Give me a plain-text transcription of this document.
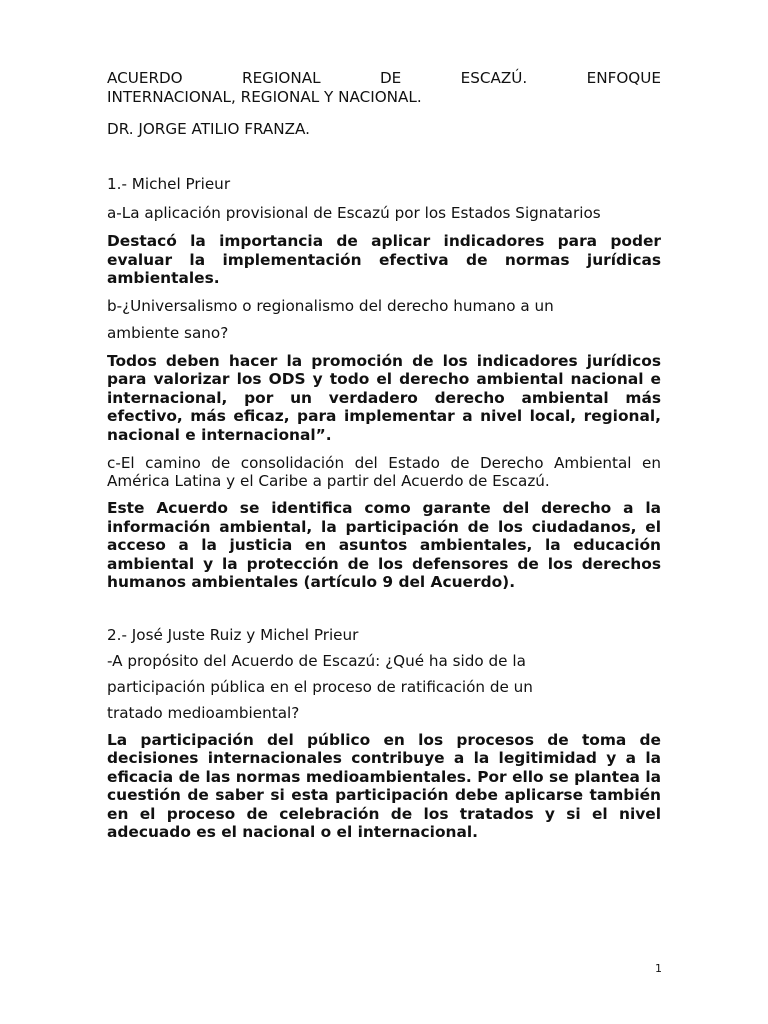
ACUERDO	REGIONAL	DE	ESCAZÚ.	ENFOQUE
INTERNACIONAL, REGIONAL Y NACIONAL.

DR. JORGE ATILIO FRANZA.

1.- Michel Prieur

a-La aplicación provisional de Escazú por los Estados Signatarios

Destacó la importancia de aplicar indicadores para poder evaluar la implementación efectiva de normas jurídicas ambientales.

b-¿Universalismo o regionalismo del derecho humano a un

ambiente sano?

Todos deben hacer la promoción de los indicadores jurídicos para valorizar los ODS y todo el derecho ambiental nacional e internacional, por un verdadero derecho ambiental más efectivo, más eficaz, para implementar a nivel local, regional, nacional e internacional”.

c-El camino de consolidación del Estado de Derecho Ambiental en América Latina y el Caribe a partir del Acuerdo de Escazú.

Este Acuerdo se identifica como garante del derecho a la información ambiental, la participación de los ciudadanos, el acceso a la justicia en asuntos ambientales, la educación ambiental y la protección de los defensores de los derechos humanos ambientales (artículo 9 del Acuerdo).

2.- José Juste Ruiz y Michel Prieur

-A propósito del Acuerdo de Escazú: ¿Qué ha sido de la

participación pública en el proceso de ratificación de un

tratado medioambiental?

La participación del público en los procesos de toma de decisiones internacionales contribuye a la legitimidad y a la eficacia de las normas medioambientales. Por ello se plantea la cuestión de saber si esta participación debe aplicarse también en el proceso de celebración de los tratados y si el nivel adecuado es el nacional o el internacional.

1
